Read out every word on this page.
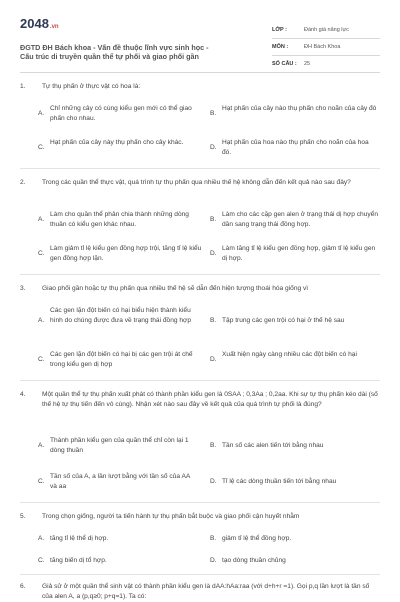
2048.vn
ĐGTD ĐH Bách khoa - Vấn đề thuộc lĩnh vực sinh học -
Cấu trúc di truyền quần thể tự phối và giao phối gần
LỚP :	Đánh giá năng lực
MÔN :	ĐH Bách Khoa
SỐ CÂU : 25
1.	Tự thụ phấn ở thực vật có hoa là:
A.
Chỉ những cây có cùng kiểu gen mới có thể giao phấn cho nhau.
B.
Hạt phấn của cây nào thụ phấn cho noãn của cây đó
C.
Hạt phấn của cây này thụ phấn cho cây khác.
D.
Hạt phấn của hoa nào thụ phấn cho noãn của hoa đó.
2.	Trong các quần thể thực vật, quá trình tự thụ phấn qua nhiều thế hệ không dẫn đến kết quả nào sau đây?
A.
Làm cho quần thể phân chia thành những dòng thuần có kiểu gen khác nhau.
B.
Làm cho các cặp gen alen ở trạng thái dị hợp chuyển dần sang trạng thái đồng hợp.
C.
Làm giảm tỉ lệ kiểu gen đồng hợp trội, tăng tỉ lệ kiểu gen đồng hợp lặn.
D.
Làm tăng tỉ lệ kiểu gen đồng hợp, giảm tỉ lệ kiểu gen dị hợp.
3.	Giao phối gần hoặc tự thụ phấn qua nhiều thế hệ sẽ dẫn đến hiện tượng thoái hóa giống vì
A.
Các gen lặn đột biến có hại biểu hiện thành kiểu hình do chúng được đưa về trạng thái đồng hợp	B. Tập trung các gen trội có hại ở thế hệ sau
C.
Các gen lặn đột biến có hại bị các gen trội át chế trong kiểu gen dị hợp
D.
Xuất hiện ngày càng nhiều các đột biến có hại
4.	Một quần thể tự thụ phấn xuất phát có thành phần kiểu gen là 0SAA ; 0,3Aa ; 0,2aa. Khi sự tự thụ phấn kéo dài (số thế hệ tự thụ tiến đến vô cùng). Nhận xét nào sau đây về kết quả của quá trình tự phối là đúng?
A.
Thành phần kiểu gen của quần thể chỉ còn lại 1 dòng thuần
B. Tần số các alen tiến tới bằng nhau
C.
Tần số của A, a lần lượt bằng với tần số của AA và aa
D. Tỉ lệ các dòng thuần tiến tới bằng nhau
5.	Trong chọn giống, người ta tiến hành tự thụ phấn bắt buộc và giao phối cận huyết nhằm
A. tăng tỉ lệ thể dị hợp.	B. giảm tỉ lệ thể đồng hợp.
C. tăng biến dị tổ hợp.	D. tạo dòng thuần chủng
6.	Giả sử ở một quần thể sinh vật có thành phần kiểu gen là dAA:hAa:raa (với d+h+r =1). Gọi p,q lần lượt là tần số của alen A, a (p,q≥0; p+q=1). Ta có:
